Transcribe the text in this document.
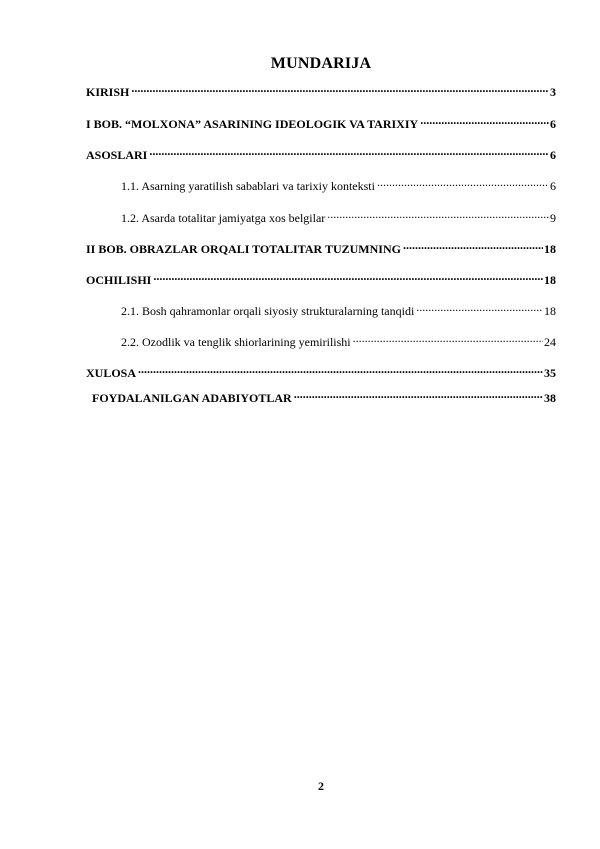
MUNDARIJA
KIRISH .....	3
I BOB. “MOLXONA” ASARINING IDEOLOGIK VA TARIXIY .....	6
ASOSLARI .....	6
1.1. Asarning yaratilish sabablari va tarixiy konteksti .....	6
1.2. Asarda totalitar jamiyatga xos belgilar .....	9
II BOB. OBRAZLAR ORQALI TOTALITAR TUZUMNING .....	18
OCHILISHI .....	18
2.1. Bosh qahramonlar orqali siyosiy strukturalarning tanqidi .....	18
2.2. Ozodlik va tenglik shiorlarining yemirilishi .....	24
XULOSA .....	35
FOYDALANILGAN ADABIYOTLAR .....	38
2
